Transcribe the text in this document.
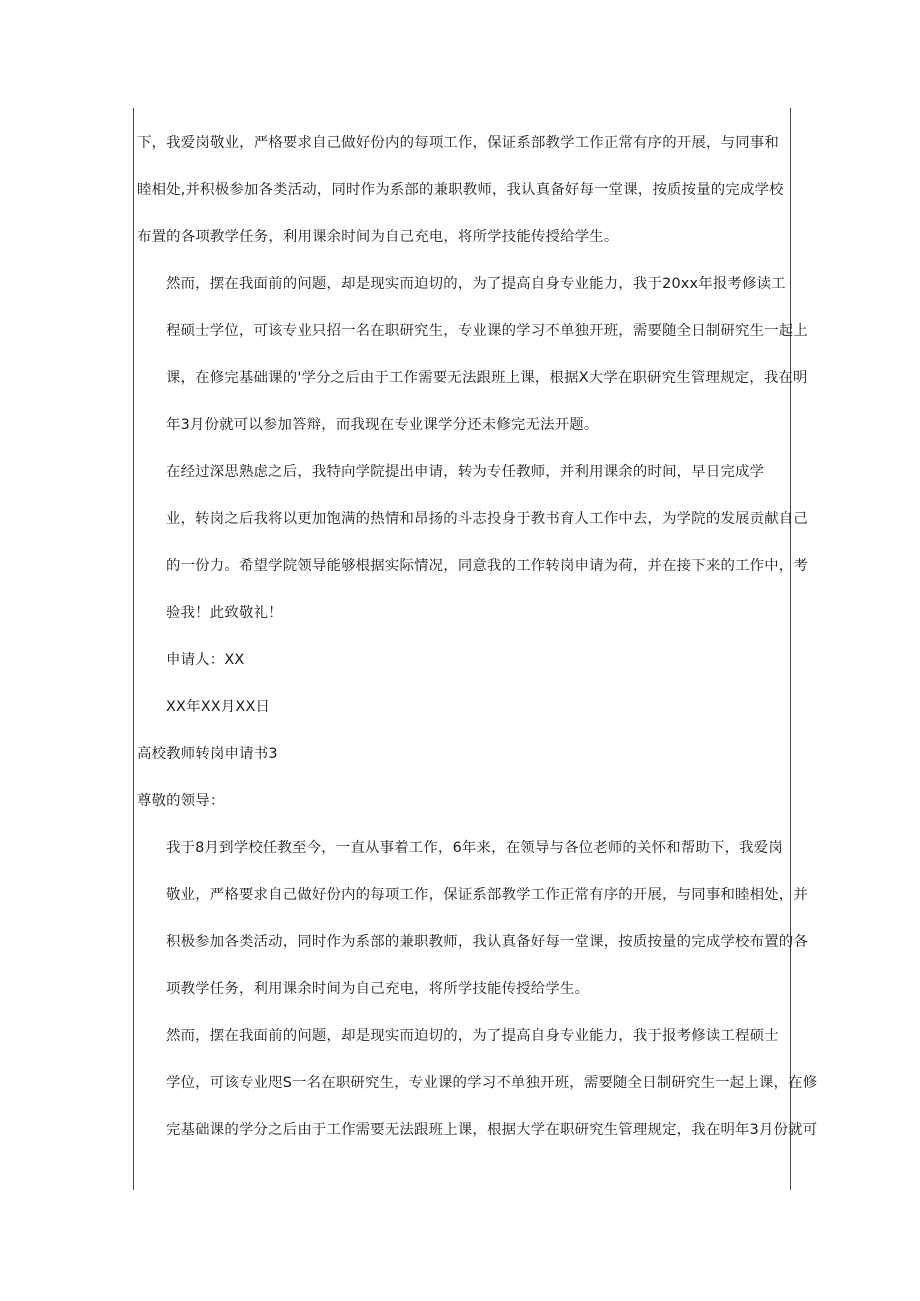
下，我爱岗敬业，严格要求自己做好份内的每项工作，保证系部教学工作正常有序的开展，与同事和
睦相处,并积极参加各类活动，同时作为系部的兼职教师，我认真备好每一堂课，按质按量的完成学校
布置的各项教学任务，利用课余时间为自己充电，将所学技能传授给学生。

然而，摆在我面前的问题，却是现实而迫切的，为了提高自身专业能力，我于20xx年报考修读工
程硕士学位，可该专业只招一名在职研究生，专业课的学习不单独开班，需要随全日制研究生一起上
课，在修完基础课的'学分之后由于工作需要无法跟班上课，根据X大学在职研究生管理规定，我在明
年3月份就可以参加答辩，而我现在专业课学分还未修完无法开题。

在经过深思熟虑之后，我特向学院提出申请，转为专任教师，并利用课余的时间，早日完成学
业，转岗之后我将以更加饱满的热情和昂扬的斗志投身于教书育人工作中去，为学院的发展贡献自己
的一份力。希望学院领导能够根据实际情况，同意我的工作转岗申请为荷，并在接下来的工作中，考
验我！此致敬礼！

申请人：XX

XX年XX月XX日

高校教师转岗申请书3

尊敬的领导：

我于8月到学校任教至今，一直从事着工作，6年来，在领导与各位老师的关怀和帮助下，我爱岗
敬业，严格要求自己做好份内的每项工作，保证系部教学工作正常有序的开展，与同事和睦相处，并
积极参加各类活动，同时作为系部的兼职教师，我认真备好每一堂课，按质按量的完成学校布置的各
项教学任务，利用课余时间为自己充电，将所学技能传授给学生。

然而，摆在我面前的问题，却是现实而迫切的，为了提高自身专业能力，我于报考修读工程硕士
学位，可该专业咫S一名在职研究生，专业课的学习不单独开班，需要随全日制研究生一起上课，在修
完基础课的学分之后由于工作需要无法跟班上课，根据大学在职研究生管理规定，我在明年3月份就可
